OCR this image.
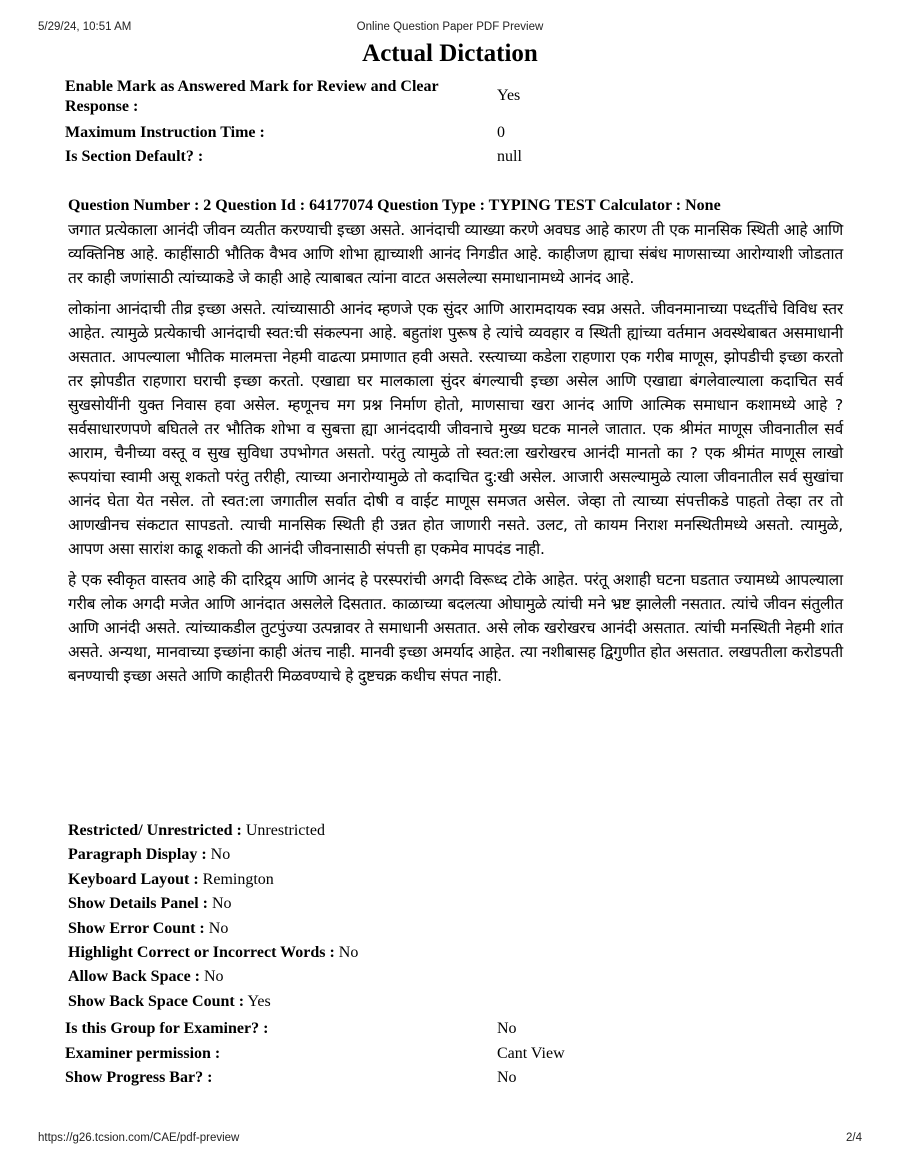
5/29/24, 10:51 AM	Online Question Paper PDF Preview
Actual Dictation
Enable Mark as Answered Mark for Review and Clear Response :
Yes
Maximum Instruction Time :	0
Is Section Default? :	null
Question Number : 2 Question Id : 64177074 Question Type : TYPING TEST Calculator : None

जगात प्रत्येकाला आनंदी जीवन व्यतीत करण्याची इच्छा असते. आनंदाची व्याख्या करणे अवघड आहे कारण ती एक मानसिक स्थिती आहे आणि व्यक्तिनिष्ठ आहे. काहींसाठी भौतिक वैभव आणि शोभा ह्याच्याशी आनंद निगडीत आहे. काहीजण ह्याचा संबंध माणसाच्या आरोग्याशी जोडतात तर काही जणांसाठी त्यांच्याकडे जे काही आहे त्याबाबत त्यांना वाटत असलेल्या समाधानामध्ये आनंद आहे.

लोकांना आनंदाची तीव्र इच्छा असते. त्यांच्यासाठी आनंद म्हणजे एक सुंदर आणि आरामदायक स्वप्न असते. जीवनमानाच्या पध्दतींचे विविध स्तर आहेत. त्यामुळे प्रत्येकाची आनंदाची स्वत:ची संकल्पना आहे. बहुतांश पुरूष हे त्यांचे व्यवहार व स्थिती ह्यांच्या वर्तमान अवस्थेबाबत असमाधानी असतात. आपल्याला भौतिक मालमत्ता नेहमी वाढत्या प्रमाणात हवी असते. रस्त्याच्या कडेला राहणारा एक गरीब माणूस, झोपडीची इच्छा करतो तर झोपडीत राहणारा घराची इच्छा करतो. एखाद्या घर मालकाला सुंदर बंगल्याची इच्छा असेल आणि एखाद्या बंगलेवाल्याला कदाचित सर्व सुखसोयींनी युक्त निवास हवा असेल. म्हणूनच मग प्रश्न निर्माण होतो, माणसाचा खरा आनंद आणि आत्मिक समाधान कशामध्ये आहे ? सर्वसाधारणपणे बघितले तर भौतिक शोभा व सुबत्ता ह्या आनंददायी जीवनाचे मुख्य घटक मानले जातात. एक श्रीमंत माणूस जीवनातील सर्व आराम, चैनीच्या वस्तू व सुख सुविधा उपभोगत असतो. परंतु त्यामुळे तो स्वत:ला खरोखरच आनंदी मानतो का ? एक श्रीमंत माणूस लाखो रूपयांचा स्वामी असू शकतो परंतु तरीही, त्याच्या अनारोग्यामुळे तो कदाचित दु:खी असेल. आजारी असल्यामुळे त्याला जीवनातील सर्व सुखांचा आनंद घेता येत नसेल. तो स्वत:ला जगातील सर्वात दोषी व वाईट माणूस समजत असेल. जेव्हा तो त्याच्या संपत्तीकडे पाहतो तेव्हा तर तो आणखीनच संकटात सापडतो. त्याची मानसिक स्थिती ही उन्नत होत जाणारी नसते. उलट, तो कायम निराश मनस्थितीमध्ये असतो. त्यामुळे, आपण असा सारांश काढू शकतो की आनंदी जीवनासाठी संपत्ती हा एकमेव मापदंड नाही.

हे एक स्वीकृत वास्तव आहे की दारिद्र्य आणि आनंद हे परस्परांची अगदी विरूध्द टोके आहेत. परंतू अशाही घटना घडतात ज्यामध्ये आपल्याला गरीब लोक अगदी मजेत आणि आनंदात असलेले दिसतात. काळाच्या बदलत्या ओघामुळे त्यांची मने भ्रष्ट झालेली नसतात. त्यांचे जीवन संतुलीत आणि आनंदी असते. त्यांच्याकडील तुटपुंज्या उत्पन्नावर ते समाधानी असतात. असे लोक खरोखरच आनंदी असतात. त्यांची मनस्थिती नेहमी शांत असते. अन्यथा, मानवाच्या इच्छांना काही अंतच नाही. मानवी इच्छा अमर्याद आहेत. त्या नशीबासह द्विगुणीत होत असतात. लखपतीला करोडपती बनण्याची इच्छा असते आणि काहीतरी मिळवण्याचे हे दुष्टचक्र कधीच संपत नाही.

Restricted/ Unrestricted : Unrestricted
Paragraph Display : No
Keyboard Layout : Remington
Show Details Panel : No
Show Error Count : No
Highlight Correct or Incorrect Words : No
Allow Back Space : No
Show Back Space Count : Yes
Is this Group for Examiner? :	No
Examiner permission :	Cant View
Show Progress Bar? :	No
https://g26.tcsion.com/CAE/pdf-preview	2/4
